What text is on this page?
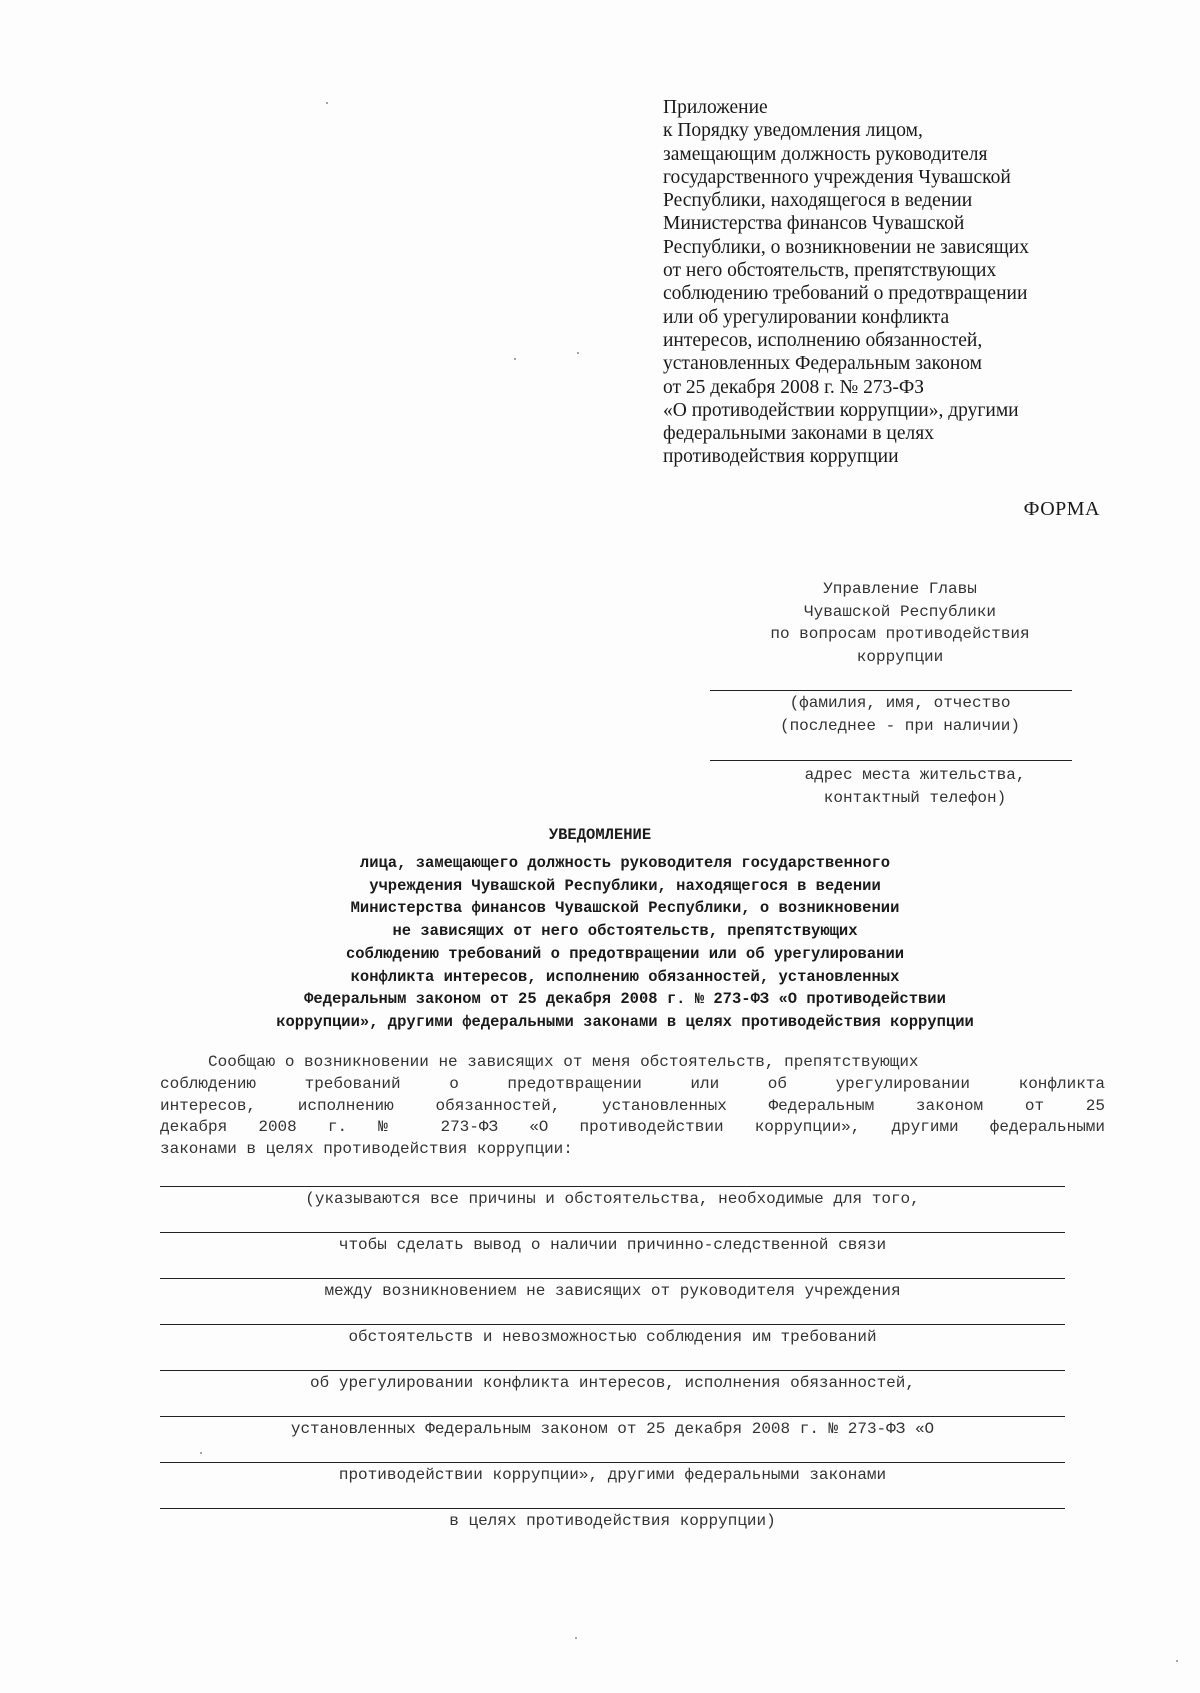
Приложение
к Порядку уведомления лицом,
замещающим должность руководителя
государственного учреждения Чувашской
Республики, находящегося в ведении
Министерства финансов Чувашской
Республики, о возникновении не зависящих
от него обстоятельств, препятствующих
соблюдению требований о предотвращении
или об урегулировании конфликта
интересов, исполнению обязанностей,
установленных Федеральным законом
от 25 декабря 2008 г. № 273-ФЗ
«О противодействии коррупции», другими
федеральными законами в целях
противодействия коррупции
ФОРМА
Управление Главы
Чувашской Республики
по вопросам противодействия
коррупции
(фамилия, имя, отчество
(последнее - при наличии)
адрес места жительства,
контактный телефон)
УВЕДОМЛЕНИЕ
лица, замещающего должность руководителя государственного
учреждения Чувашской Республики, находящегося в ведении
Министерства финансов Чувашской Республики, о возникновении
не зависящих от него обстоятельств, препятствующих
соблюдению требований о предотвращении или об урегулировании
конфликта интересов, исполнению обязанностей, установленных
Федеральным законом от 25 декабря 2008 г. № 273-ФЗ «О противодействии
коррупции», другими федеральными законами в целях противодействия коррупции
Сообщаю о возникновении не зависящих от меня обстоятельств, препятствующих
соблюдению требований о предотвращении или об урегулировании конфликта
интересов, исполнению обязанностей, установленных Федеральным законом от 25
декабря 2008 г. № 273-ФЗ «О противодействии коррупции», другими федеральными
законами в целях противодействия коррупции:
(указываются все причины и обстоятельства, необходимые для того,
чтобы сделать вывод о наличии причинно-следственной связи
между возникновением не зависящих от руководителя учреждения
обстоятельств и невозможностью соблюдения им требований
об урегулировании конфликта интересов, исполнения обязанностей,
установленных Федеральным законом от 25 декабря 2008 г. № 273-ФЗ «О
противодействии коррупции», другими федеральными законами
в целях противодействия коррупции)
